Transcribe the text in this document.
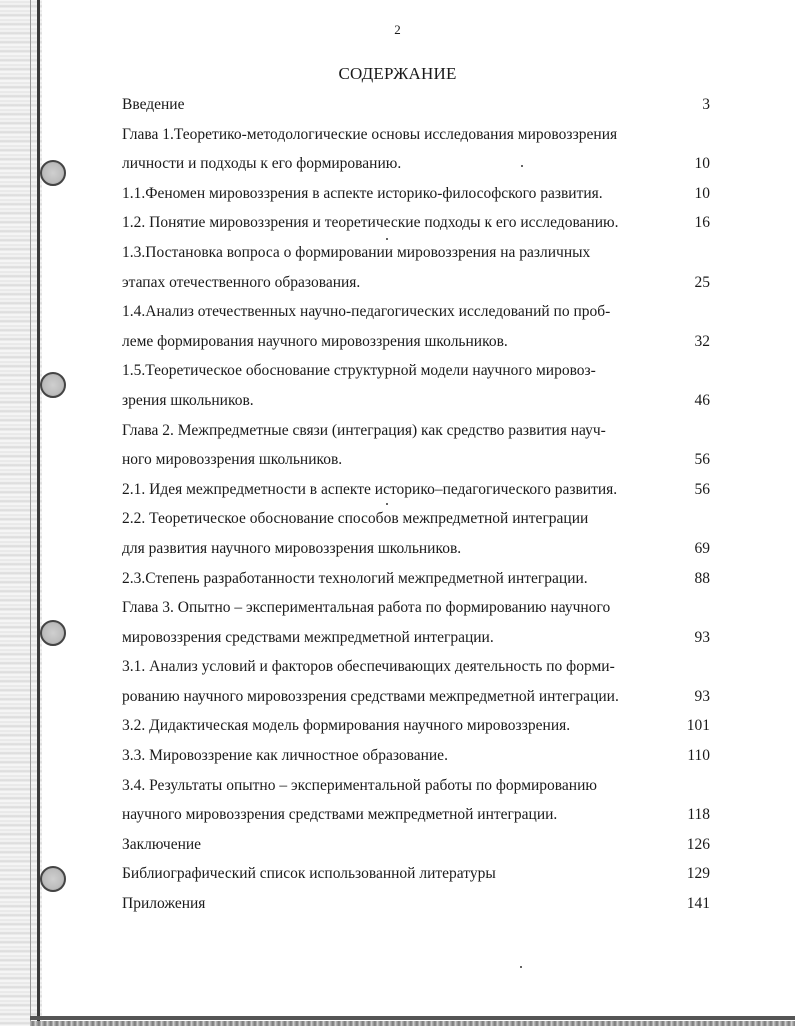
2
СОДЕРЖАНИЕ
Введение	3
Глава 1.Теоретико-методологические основы исследования мировоззрения
личности и подходы к его формированию.	10
1.1.Феномен мировоззрения в аспекте историко-философского развития.	10
1.2. Понятие мировоззрения и теоретические подходы к его исследованию.	16
1.3.Постановка вопроса о формировании мировоззрения на различных
этапах отечественного образования.	25
1.4.Анализ отечественных научно-педагогических исследований по проб-
леме формирования научного мировоззрения школьников.	32
1.5.Теоретическое обоснование структурной модели научного мировоз-
зрения школьников.	46
Глава 2. Межпредметные связи (интеграция) как средство развития науч-
ного мировоззрения школьников.	56
2.1. Идея межпредметности в аспекте историко–педагогического развития.	56
2.2. Теоретическое обоснование способов межпредметной интеграции
для развития научного мировоззрения школьников.	69
2.3.Степень разработанности технологий межпредметной интеграции.	88
Глава 3. Опытно – экспериментальная работа по формированию научного
мировоззрения средствами межпредметной интеграции.	93
3.1. Анализ условий и факторов обеспечивающих деятельность по форми-
рованию научного мировоззрения средствами межпредметной интеграции.	93
3.2. Дидактическая модель формирования научного мировоззрения.	101
3.3. Мировоззрение как личностное образование.	110
3.4. Результаты опытно – экспериментальной работы по формированию
научного мировоззрения средствами межпредметной интеграции.	118
Заключение	126
Библиографический список использованной литературы	129
Приложения	141
